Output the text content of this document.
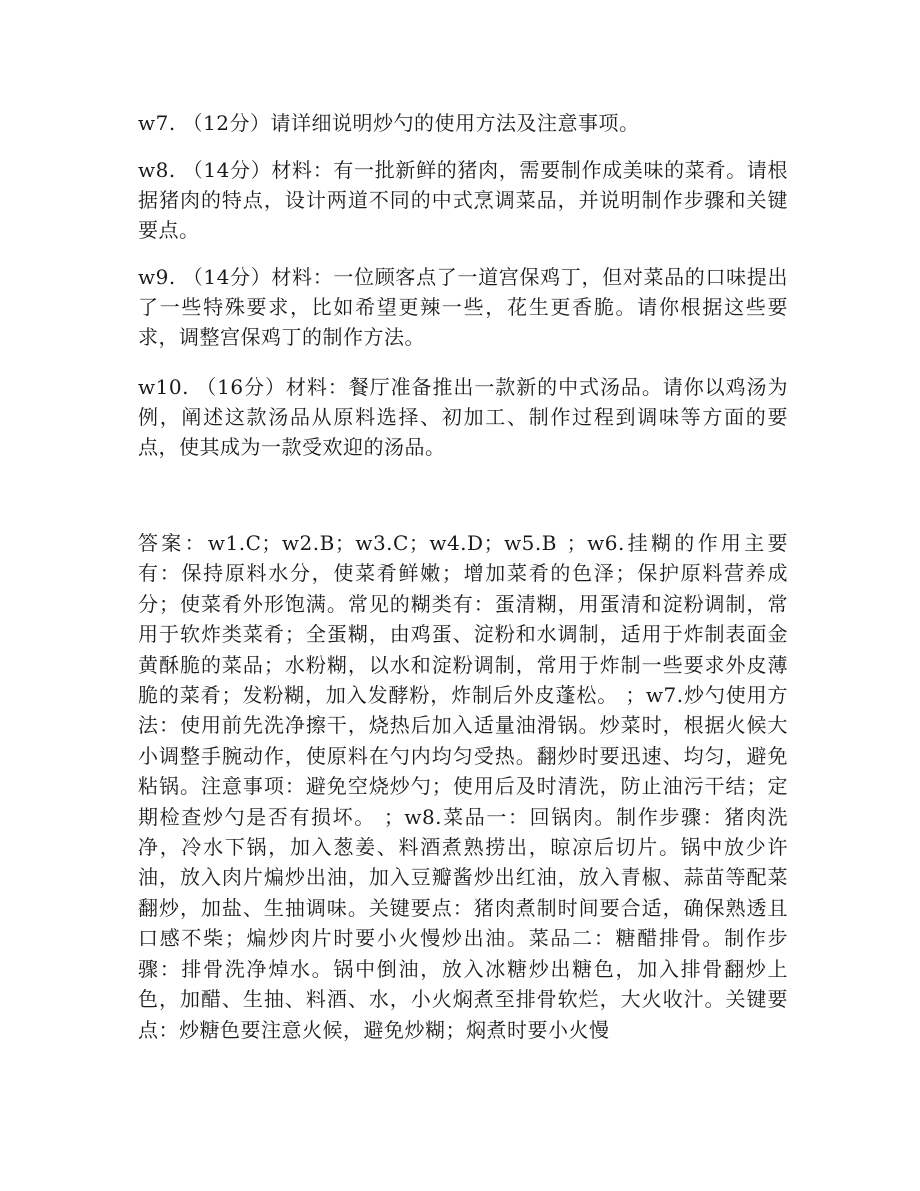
w7. （12分）请详细说明炒勺的使用方法及注意事项。

w8. （14分）材料：有一批新鲜的猪肉，需要制作成美味的菜肴。请根据猪肉的特点，设计两道不同的中式烹调菜品，并说明制作步骤和关键要点。

w9. （14分）材料：一位顾客点了一道宫保鸡丁，但对菜品的口味提出了一些特殊要求，比如希望更辣一些，花生更香脆。请你根据这些要求，调整宫保鸡丁的制作方法。

w10. （16分）材料：餐厅准备推出一款新的中式汤品。请你以鸡汤为例，阐述这款汤品从原料选择、初加工、制作过程到调味等方面的要点，使其成为一款受欢迎的汤品。

答案：w1.C；w2.B；w3.C；w4.D；w5.B ；w6.挂糊的作用主要有：保持原料水分，使菜肴鲜嫩；增加菜肴的色泽；保护原料营养成分；使菜肴外形饱满。常见的糊类有：蛋清糊，用蛋清和淀粉调制，常用于软炸类菜肴；全蛋糊，由鸡蛋、淀粉和水调制，适用于炸制表面金黄酥脆的菜品；水粉糊，以水和淀粉调制，常用于炸制一些要求外皮薄脆的菜肴；发粉糊，加入发酵粉，炸制后外皮蓬松。 ；w7.炒勺使用方法：使用前先洗净擦干，烧热后加入适量油滑锅。炒菜时，根据火候大小调整手腕动作，使原料在勺内均匀受热。翻炒时要迅速、均匀，避免粘锅。注意事项：避免空烧炒勺；使用后及时清洗，防止油污干结；定期检查炒勺是否有损坏。 ；w8.菜品一：回锅肉。制作步骤：猪肉洗净，冷水下锅，加入葱姜、料酒煮熟捞出，晾凉后切片。锅中放少许油，放入肉片煸炒出油，加入豆瓣酱炒出红油，放入青椒、蒜苗等配菜翻炒，加盐、生抽调味。关键要点：猪肉煮制时间要合适，确保熟透且口感不柴；煸炒肉片时要小火慢炒出油。菜品二：糖醋排骨。制作步骤：排骨洗净焯水。锅中倒油，放入冰糖炒出糖色，加入排骨翻炒上色，加醋、生抽、料酒、水，小火焖煮至排骨软烂，大火收汁。关键要点：炒糖色要注意火候，避免炒糊；焖煮时要小火慢
